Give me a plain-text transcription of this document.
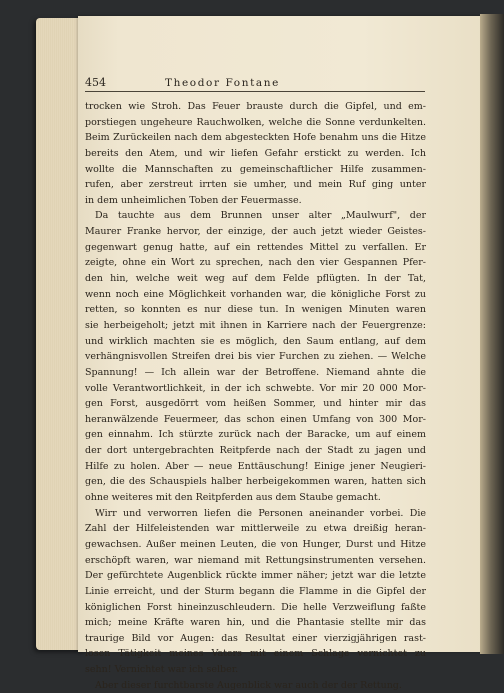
454	Theodor Fontane
trocken wie Stroh. Das Feuer brauste durch die Gipfel, und em-
porstiegen ungeheure Rauchwolken, welche die Sonne verdunkelten.
Beim Zurückeilen nach dem abgesteckten Hofe benahm uns die Hitze
bereits den Atem, und wir liefen Gefahr erstickt zu werden. Ich
wollte die Mannschaften zu gemeinschaftlicher Hilfe zusammen-
rufen, aber zerstreut irrten sie umher, und mein Ruf ging unter
in dem unheimlichen Toben der Feuermasse.
Da tauchte aus dem Brunnen unser alter „Maulwurf", der
Maurer Franke hervor, der einzige, der auch jetzt wieder Geistes-
gegenwart genug hatte, auf ein rettendes Mittel zu verfallen. Er
zeigte, ohne ein Wort zu sprechen, nach den vier Gespannen Pfer-
den hin, welche weit weg auf dem Felde pflügten. In der Tat,
wenn noch eine Möglichkeit vorhanden war, die königliche Forst zu
retten, so konnten es nur diese tun. In wenigen Minuten waren
sie herbeigeholt; jetzt mit ihnen in Karriere nach der Feuergrenze:
und wirklich machten sie es möglich, den Saum entlang, auf dem
verhängnisvollen Streifen drei bis vier Furchen zu ziehen. — Welche
Spannung! — Ich allein war der Betroffene. Niemand ahnte die
volle Verantwortlichkeit, in der ich schwebte. Vor mir 20 000 Mor-
gen Forst, ausgedörrt vom heißen Sommer, und hinter mir das
heranwälzende Feuermeer, das schon einen Umfang von 300 Mor-
gen einnahm. Ich stürzte zurück nach der Baracke, um auf einem
der dort untergebrachten Reitpferde nach der Stadt zu jagen und
Hilfe zu holen. Aber — neue Enttäuschung! Einige jener Neugieri-
gen, die des Schauspiels halber herbeigekommen waren, hatten sich
ohne weiteres mit den Reitpferden aus dem Staube gemacht.
Wirr und verworren liefen die Personen aneinander vorbei. Die
Zahl der Hilfeleistenden war mittlerweile zu etwa dreißig heran-
gewachsen. Außer meinen Leuten, die von Hunger, Durst und Hitze
erschöpft waren, war niemand mit Rettungsinstrumenten versehen.
Der gefürchtete Augenblick rückte immer näher; jetzt war die letzte
Linie erreicht, und der Sturm begann die Flamme in die Gipfel der
königlichen Forst hineinzuschleudern. Die helle Verzweiflung faßte
mich; meine Kräfte waren hin, und die Phantasie stellte mir das
traurige Bild vor Augen: das Resultat einer vierzigjährigen rast-
losen Tätigkeit meines Vaters mit einem Schlage vernichtet zu
sehn! Vernichtet war ich selber.
Aber dieser furchtbarste Augenblick war auch der der Rettung.
